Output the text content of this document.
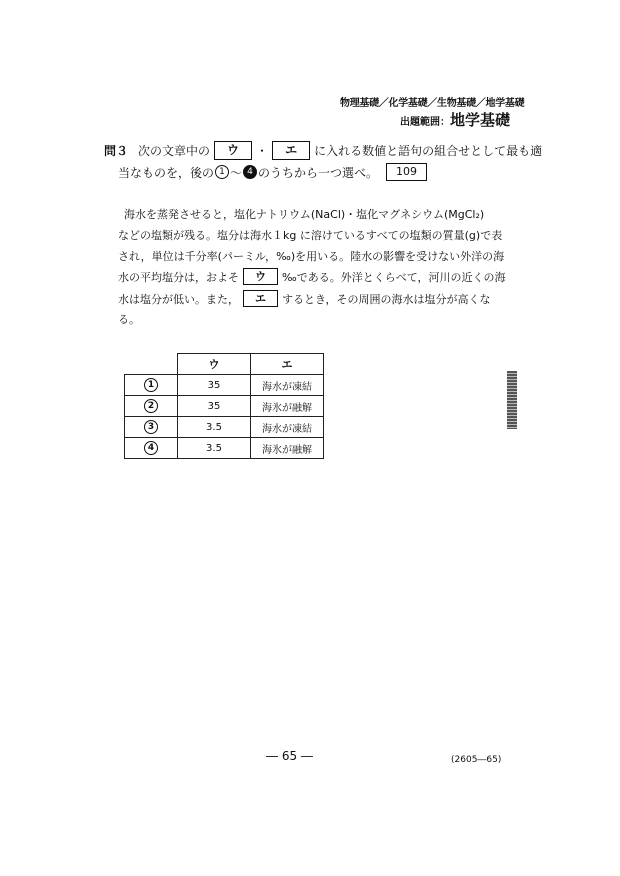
物理基礎／化学基礎／生物基礎／地学基礎
出題範囲：地学基礎
問３ 次の文章中の	ウ	・	エ	に入れる数値と語句の組合せとして最も適
当なものを，後の 1 ～ 4 のうちから一つ選べ。	109
海水を蒸発させると，塩化ナトリウム(NaCl)・塩化マグネシウム(MgCl₂)
などの塩類が残る。塩分は海水１kg に溶けているすべての塩類の質量(g)で表
され，単位は千分率(パーミル，‰)を用いる。陸水の影響を受けない外洋の海
水の平均塩分は，およそ	ウ	‰である。外洋とくらべて，河川の近くの海
水は塩分が低い。また，	エ	するとき，その周囲の海水は塩分が高くな
る。
	ウ	エ
1	35	海水が凍結
2	35	海氷が融解
3	3.5	海水が凍結
4	3.5	海氷が融解
― 65 ―	(2605―65)
